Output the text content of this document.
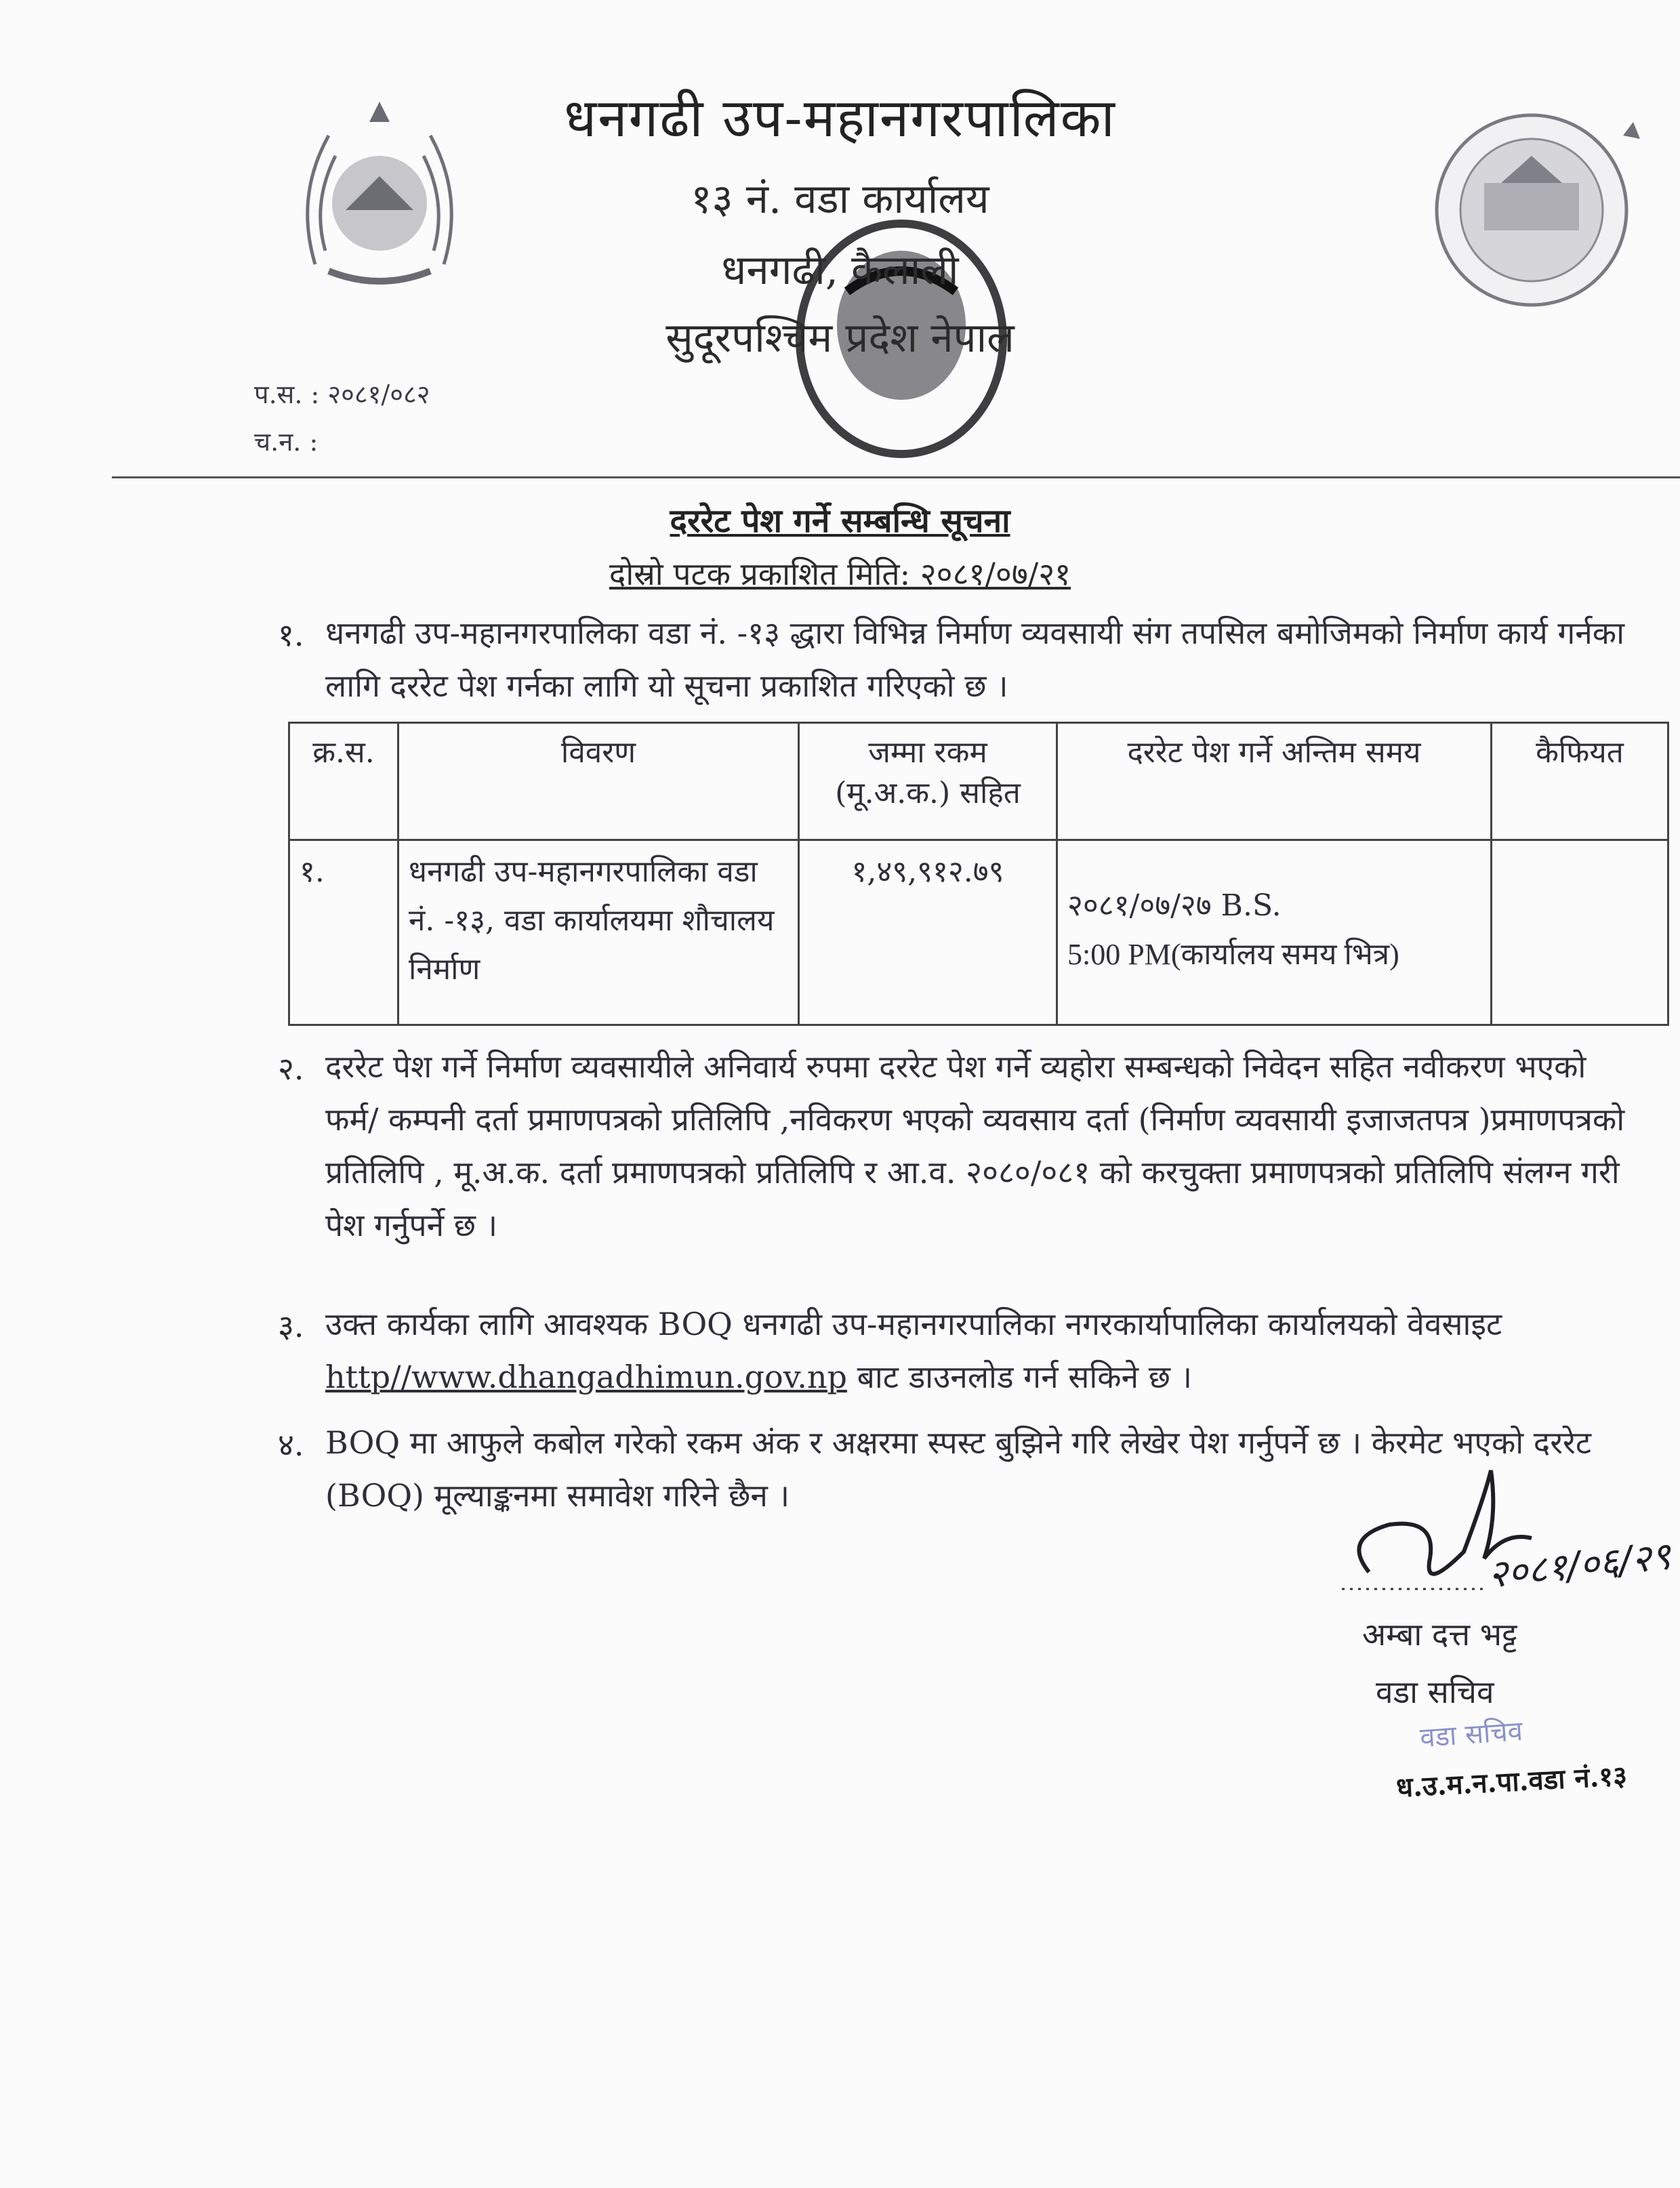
धनगढी उप-महानगरपालिका
१३ नं. वडा कार्यालय
धनगढी, कैलाली
सुदूरपश्चिम प्रदेश नेपाल
प.स. : २०८१/०८२
च.न. :
दररेट पेश गर्ने सम्बन्धि सूचना
दोस्रो पटक प्रकाशित मिति: २०८१/०७/२१
१. धनगढी उप-महानगरपालिका वडा नं. -१३ द्धारा विभिन्न निर्माण व्यवसायी संग तपसिल बमोजिमको निर्माण कार्य गर्नका लागि दररेट पेश गर्नका लागि यो सूचना प्रकाशित गरिएको छ ।
क्र.स.	विवरण	जम्मा रकम (मू.अ.क.) सहित	दररेट पेश गर्ने अन्तिम समय	कैफियत
१.	धनगढी उप-महानगरपालिका वडा नं. -१३, वडा कार्यालयमा शौचालय निर्माण	१,४९,९१२.७९	२०८१/०७/२७ B.S.
5:00 PM(कार्यालय समय भित्र)	

२. दररेट पेश गर्ने निर्माण व्यवसायीले अनिवार्य रुपमा दररेट पेश गर्ने व्यहोरा सम्बन्धको निवेदन सहित नवीकरण भएको फर्म/ कम्पनी दर्ता प्रमाणपत्रको प्रतिलिपि ,नविकरण भएको व्यवसाय दर्ता (निर्माण व्यवसायी इजाजतपत्र )प्रमाणपत्रको प्रतिलिपि , मू.अ.क. दर्ता प्रमाणपत्रको प्रतिलिपि र आ.व. २०८०/०८१ को करचुक्ता प्रमाणपत्रको प्रतिलिपि संलग्न गरी पेश गर्नुपर्ने छ ।
३. उक्त कार्यका लागि आवश्यक BOQ धनगढी उप-महानगरपालिका नगरकार्यापालिका कार्यालयको वेवसाइट http//www.dhangadhimun.gov.np बाट डाउनलोड गर्न सकिने छ ।
४. BOQ मा आफुले कबोल गरेको रकम अंक र अक्षरमा स्पस्ट बुझिने गरि लेखेर पेश गर्नुपर्ने छ । केरमेट भएको दररेट (BOQ) मूल्याङ्कनमा समावेश गरिने छैन ।
२०८१/०६/२९
अम्बा दत्त भट्ट
वडा सचिव
वडा सचिव
ध.उ.म.न.पा.वडा नं.१३
